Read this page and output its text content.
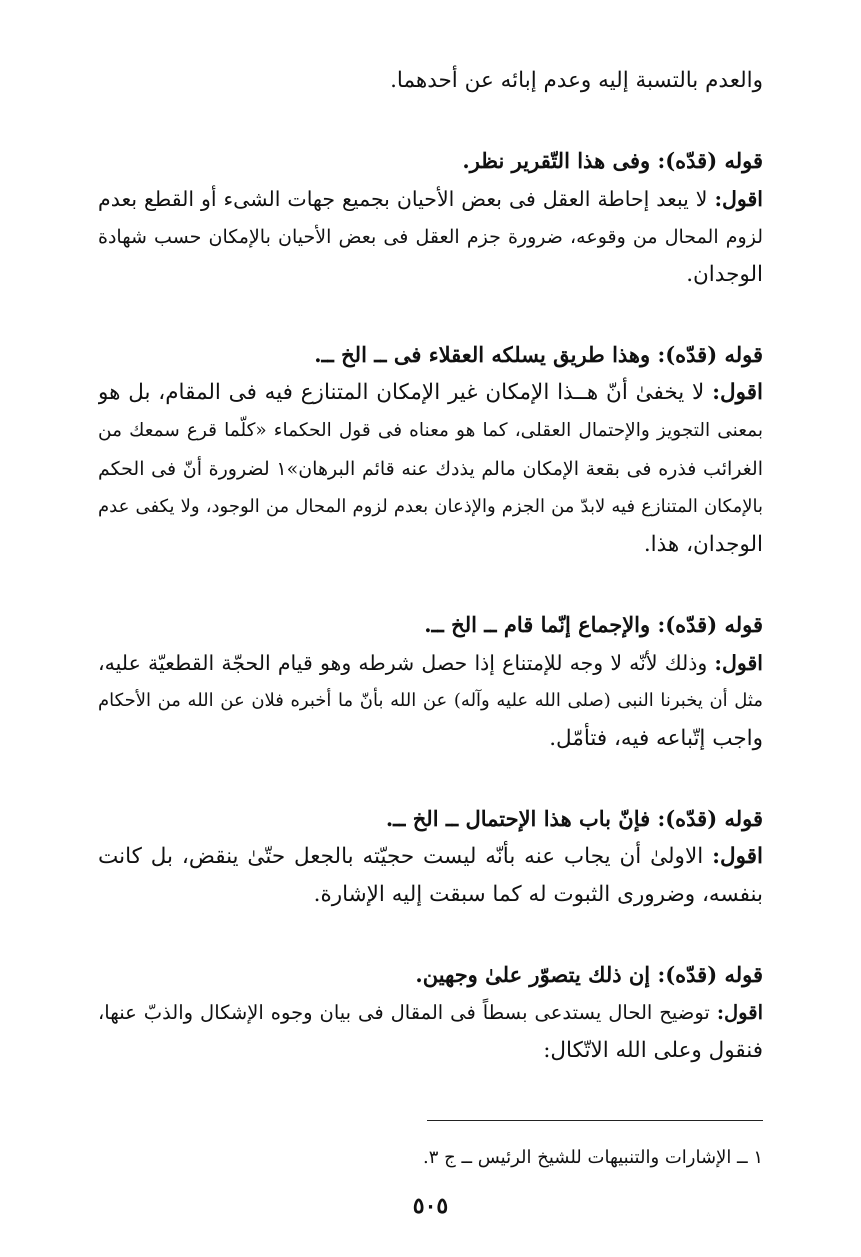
والعدم بالتسبة إليه وعدم إبائه عن أحدهما.
قوله (قدّه): وفى هذا التّقرير نظر.
اقول: لا يبعد إحاطة العقل فى بعض الأحيان بجميع جهات الشىء أو القطع بعدم
لزوم المحال من وقوعه، ضرورة جزم العقل فى بعض الأحيان بالإمكان حسب شهادة
الوجدان.
قوله (قدّه): وهذا طريق يسلكه العقلاء فى ــ الخ ــ.
اقول: لا يخفىٰ أنّ هــذا الإمكان غير الإمكان المتنازع فيه فى المقام، بل هو
بمعنى التجويز والإحتمال العقلى، كما هو معناه فى قول الحكماء «كلّما قرع سمعك من
الغرائب فذره فى بقعة الإمكان مالم يذدك عنه قائم البرهان»١ لضرورة أنّ فى الحكم
بالإمكان المتنازع فيه لابدّ من الجزم والإذعان بعدم لزوم المحال من الوجود، ولا يكفى عدم
الوجدان، هذا.
قوله (قدّه): والإجماع إنّما قام ــ الخ ــ.
اقول: وذلك لأنّه لا وجه للإمتناع إذا حصل شرطه وهو قيام الحجّة القطعيّة عليه،
مثل أن يخبرنا النبى (صلى الله عليه وآله) عن الله بأنّ ما أخبره فلان عن الله من الأحكام
واجب إتّباعه فيه، فتأمّل.
قوله (قدّه): فإنّ باب هذا الإحتمال ــ الخ ــ.
اقول: الاولىٰ أن يجاب عنه بأنّه ليست حجيّته بالجعل حتّىٰ ينقض، بل كانت
بنفسه، وضرورى الثبوت له كما سبقت إليه الإشارة.
قوله (قدّه): إن ذلك يتصوّر علىٰ وجهين.
اقول: توضيح الحال يستدعى بسطاً فى المقال فى بيان وجوه الإشكال والذبّ عنها،
فنقول وعلى الله الاتّكال:
١ ــ الإشارات والتنبيهات للشيخ الرئيس ــ ج ٣.
٥٠٥
